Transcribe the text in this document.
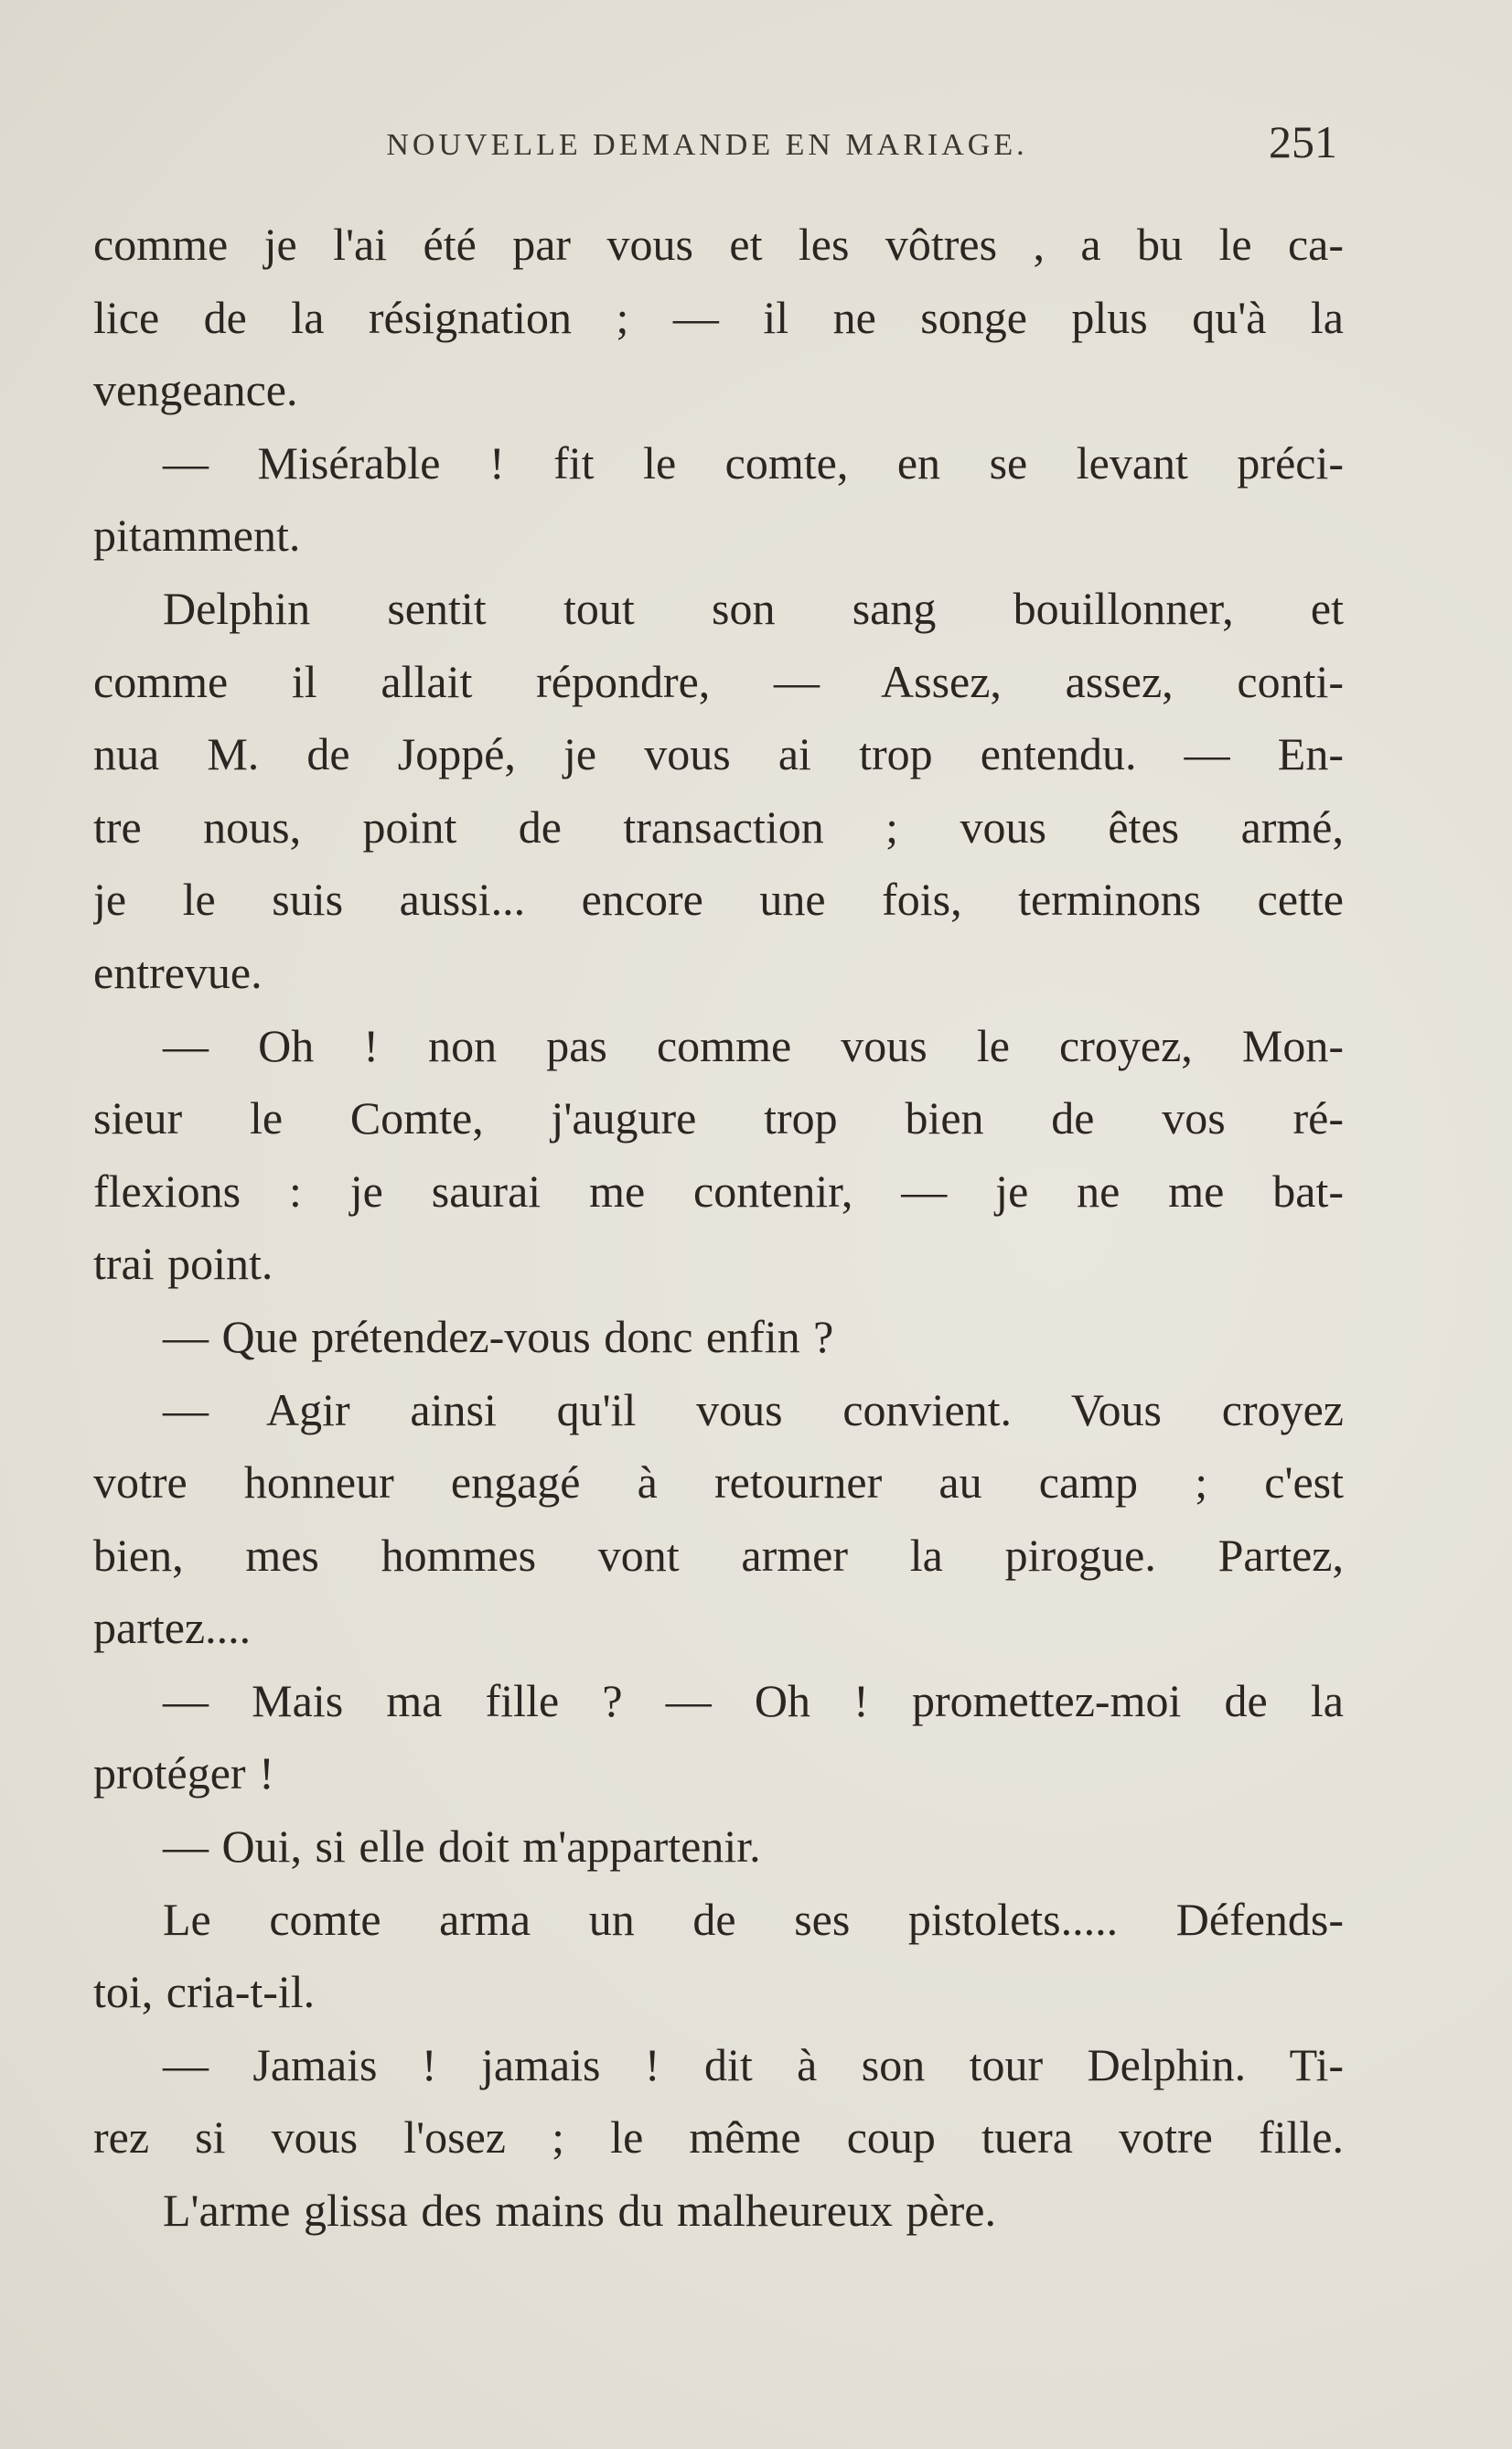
NOUVELLE DEMANDE EN MARIAGE.	251
comme je l'ai été par vous et les vôtres , a bu le ca-
lice de la résignation ; — il ne songe plus qu'à la
vengeance.
— Misérable ! fit le comte, en se levant préci-
pitamment.
Delphin sentit tout son sang bouillonner, et
comme il allait répondre, — Assez, assez, conti-
nua M. de Joppé, je vous ai trop entendu. — En-
tre nous, point de transaction ; vous êtes armé,
je le suis aussi... encore une fois, terminons cette
entrevue.
— Oh ! non pas comme vous le croyez, Mon-
sieur le Comte, j'augure trop bien de vos ré-
flexions : je saurai me contenir, — je ne me bat-
trai point.
— Que prétendez-vous donc enfin ?
— Agir ainsi qu'il vous convient. Vous croyez
votre honneur engagé à retourner au camp ; c'est
bien, mes hommes vont armer la pirogue. Partez,
partez....
— Mais ma fille ? — Oh ! promettez-moi de la
protéger !
— Oui, si elle doit m'appartenir.
Le comte arma un de ses pistolets..... Défends-
toi, cria-t-il.
— Jamais ! jamais ! dit à son tour Delphin. Ti-
rez si vous l'osez ; le même coup tuera votre fille.
L'arme glissa des mains du malheureux père.
